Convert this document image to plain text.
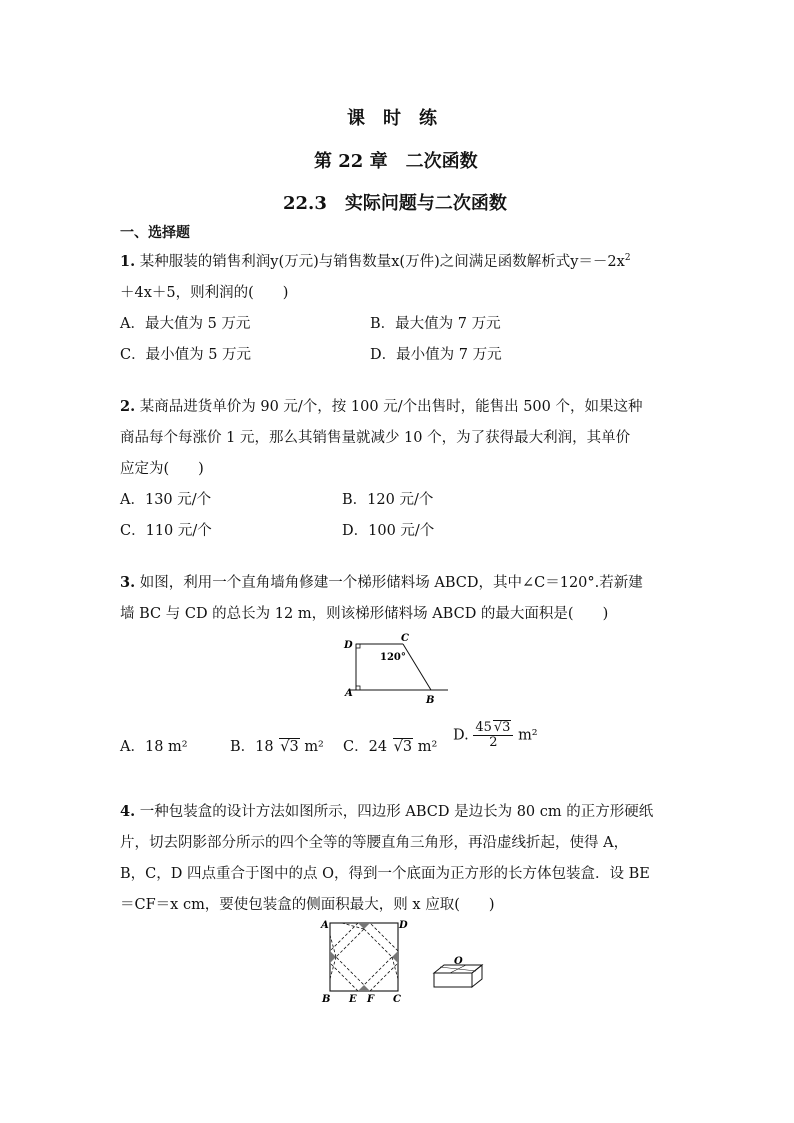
课　时　练
第 22 章　二次函数
22.3　实际问题与二次函数
一、选择题
1. 某种服装的销售利润y(万元)与销售数量x(万件)之间满足函数解析式$y=-2x^2$
＋4x＋5，则利润的(　　)
A．最大值为 5 万元	B．最大值为 7 万元
C．最小值为 5 万元	D．最小值为 7 万元
2. 某商品进货单价为 90 元/个，按 100 元/个出售时，能售出 500 个，如果这种
商品每个每涨价 1 元，那么其销售量就减少 10 个，为了获得最大利润，其单价
应定为(　　)
A．130 元/个	B．120 元/个
C．110 元/个	D．100 元/个
3. 如图，利用一个直角墙角修建一个梯形储料场 ABCD，其中∠C＝120°.若新建
墙 BC 与 CD 的总长为 12 m，则该梯形储料场 ABCD 的最大面积是(　　)
D
C
A
B
120°
A．18 m²	B．18 √3 m² C．24 √3 m²
D. $\frac{45 √3}{2} m^2$
4. 一种包装盒的设计方法如图所示，四边形 ABCD 是边长为 80 cm 的正方形硬纸
片，切去阴影部分所示的四个全等的等腰直角三角形，再沿虚线折起，使得 A，
B，C，D 四点重合于图中的点 O，得到一个底面为正方形的长方体包装盒．设 BE
＝CF＝x cm，要使包装盒的侧面积最大，则 x 应取(　　)
A	D
B E F C
O
